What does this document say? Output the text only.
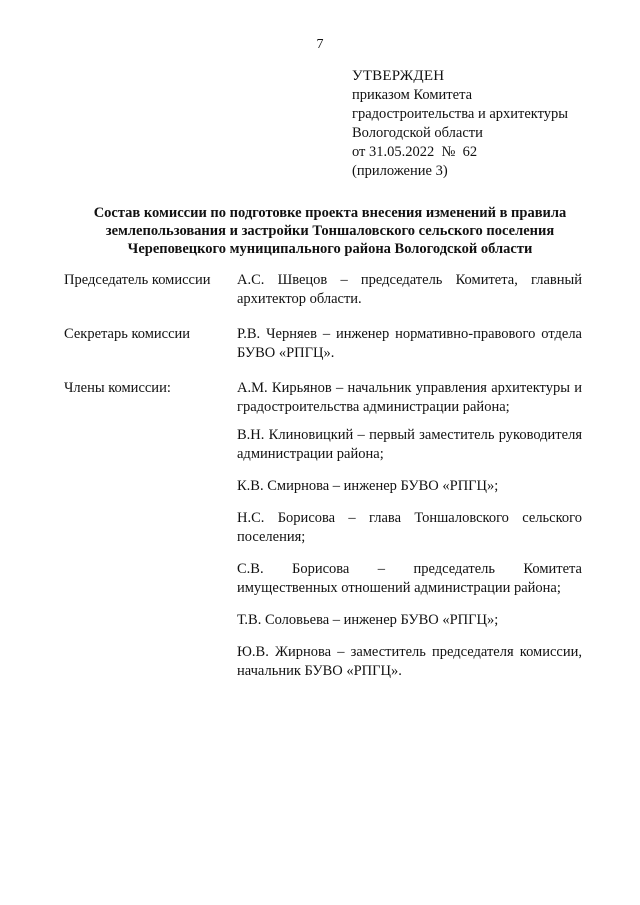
7
УТВЕРЖДЕН
приказом Комитета
градостроительства и архитектуры
Вологодской области
от 31.05.2022  №  62
(приложение 3)
Состав комиссии по подготовке проекта внесения изменений в правила
землепользования и застройки Тоншаловского сельского поселения
Череповецкого муниципального района Вологодской области
Председатель комиссии	А.С. Швецов – председатель Комитета, главный архитектор области.
Секретарь комиссии	Р.В. Черняев – инженер нормативно-правового отдела БУВО «РПГЦ».
Члены комиссии:	А.М. Кирьянов – начальник управления архитектуры и градостроительства администрации района;
В.Н. Клиновицкий – первый заместитель руководителя администрации района;
К.В. Смирнова – инженер БУВО «РПГЦ»;
Н.С. Борисова – глава Тоншаловского сельского поселения;
С.В. Борисова – председатель Комитета имущественных отношений администрации района;
Т.В. Соловьева – инженер БУВО «РПГЦ»;
Ю.В. Жирнова – заместитель председателя комиссии, начальник БУВО «РПГЦ».
